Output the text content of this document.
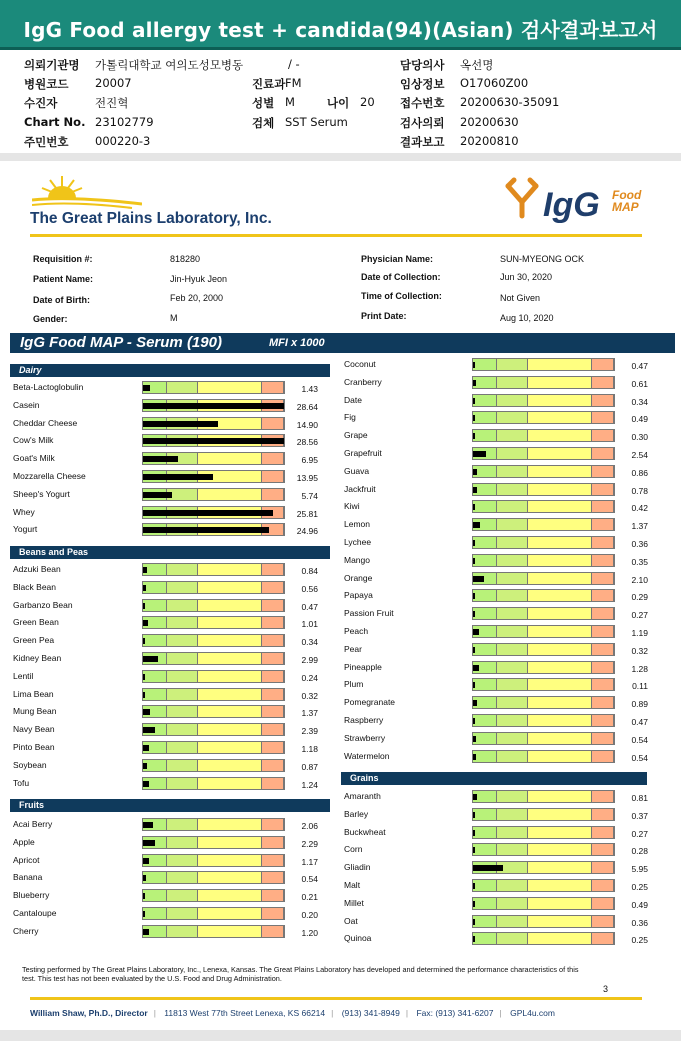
IgG Food allergy test + candida(94)(Asian) 검사결과보고서
의뢰기관명 가톨릭대학교 여의도성모병동	/ -	담당의사 옥선명
병원코드 20007	진료과 FM	임상정보 O17060Z00
수진자	전진혁	성별 M	나이 20 접수번호 20200630-35091
Chart No. 23102779	검체 SST Serum	검사의뢰 20200630
주민번호 000220-3	결과보고 20200810
The Great Plains Laboratory, Inc.	IgG Food
MAP
Requisition #:	818280	Physician Name:	SUN-MYEONG OCK
Patient Name:	Jin-Hyuk Jeon	Date of Collection:	Jun 30, 2020
Date of Birth:	Feb 20, 2000	Time of Collection:	Not Given
Gender:	M	Print Date:	Aug 10, 2020
IgG Food MAP - Serum (190)	MFI x 1000
Dairy
Beta-Lactoglobulin	1.43
Casein	28.64
Cheddar Cheese	14.90
Cow's Milk	28.56
Goat's Milk	6.95
Mozzarella Cheese	13.95
Sheep's Yogurt	5.74
Whey	25.81
Yogurt	24.96
Beans and Peas
Adzuki Bean	0.84
Black Bean	0.56
Garbanzo Bean	0.47
Green Bean	1.01
Green Pea	0.34
Kidney Bean	2.99
Lentil	0.24
Lima Bean	0.32
Mung Bean	1.37
Navy Bean	2.39
Pinto Bean	1.18
Soybean	0.87
Tofu	1.24
Fruits
Acai Berry	2.06
Apple	2.29
Apricot	1.17
Banana	0.54
Blueberry	0.21
Cantaloupe	0.20
Cherry	1.20
Coconut	0.47
Cranberry	0.61
Date	0.34
Fig	0.49
Grape	0.30
Grapefruit	2.54
Guava	0.86
Jackfruit	0.78
Kiwi	0.42
Lemon	1.37
Lychee	0.36
Mango	0.35
Orange	2.10
Papaya	0.29
Passion Fruit	0.27
Peach	1.19
Pear	0.32
Pineapple	1.28
Plum	0.11
Pomegranate	0.89
Raspberry	0.47
Strawberry	0.54
Watermelon	0.54
Grains
Amaranth	0.81
Barley	0.37
Buckwheat	0.27
Corn	0.28
Gliadin	5.95
Malt	0.25
Millet	0.49
Oat	0.36
Quinoa	0.25
Testing performed by The Great Plains Laboratory, Inc., Lenexa, Kansas. The Great Plains Laboratory has developed and determined the performance characteristics of this test. This test has not been evaluated by the U.S. Food and Drug Administration.
3
William Shaw, Ph.D., Director | 11813 West 77th Street Lenexa, KS 66214 | (913) 341-8949 | Fax: (913) 341-6207 | GPL4u.com
